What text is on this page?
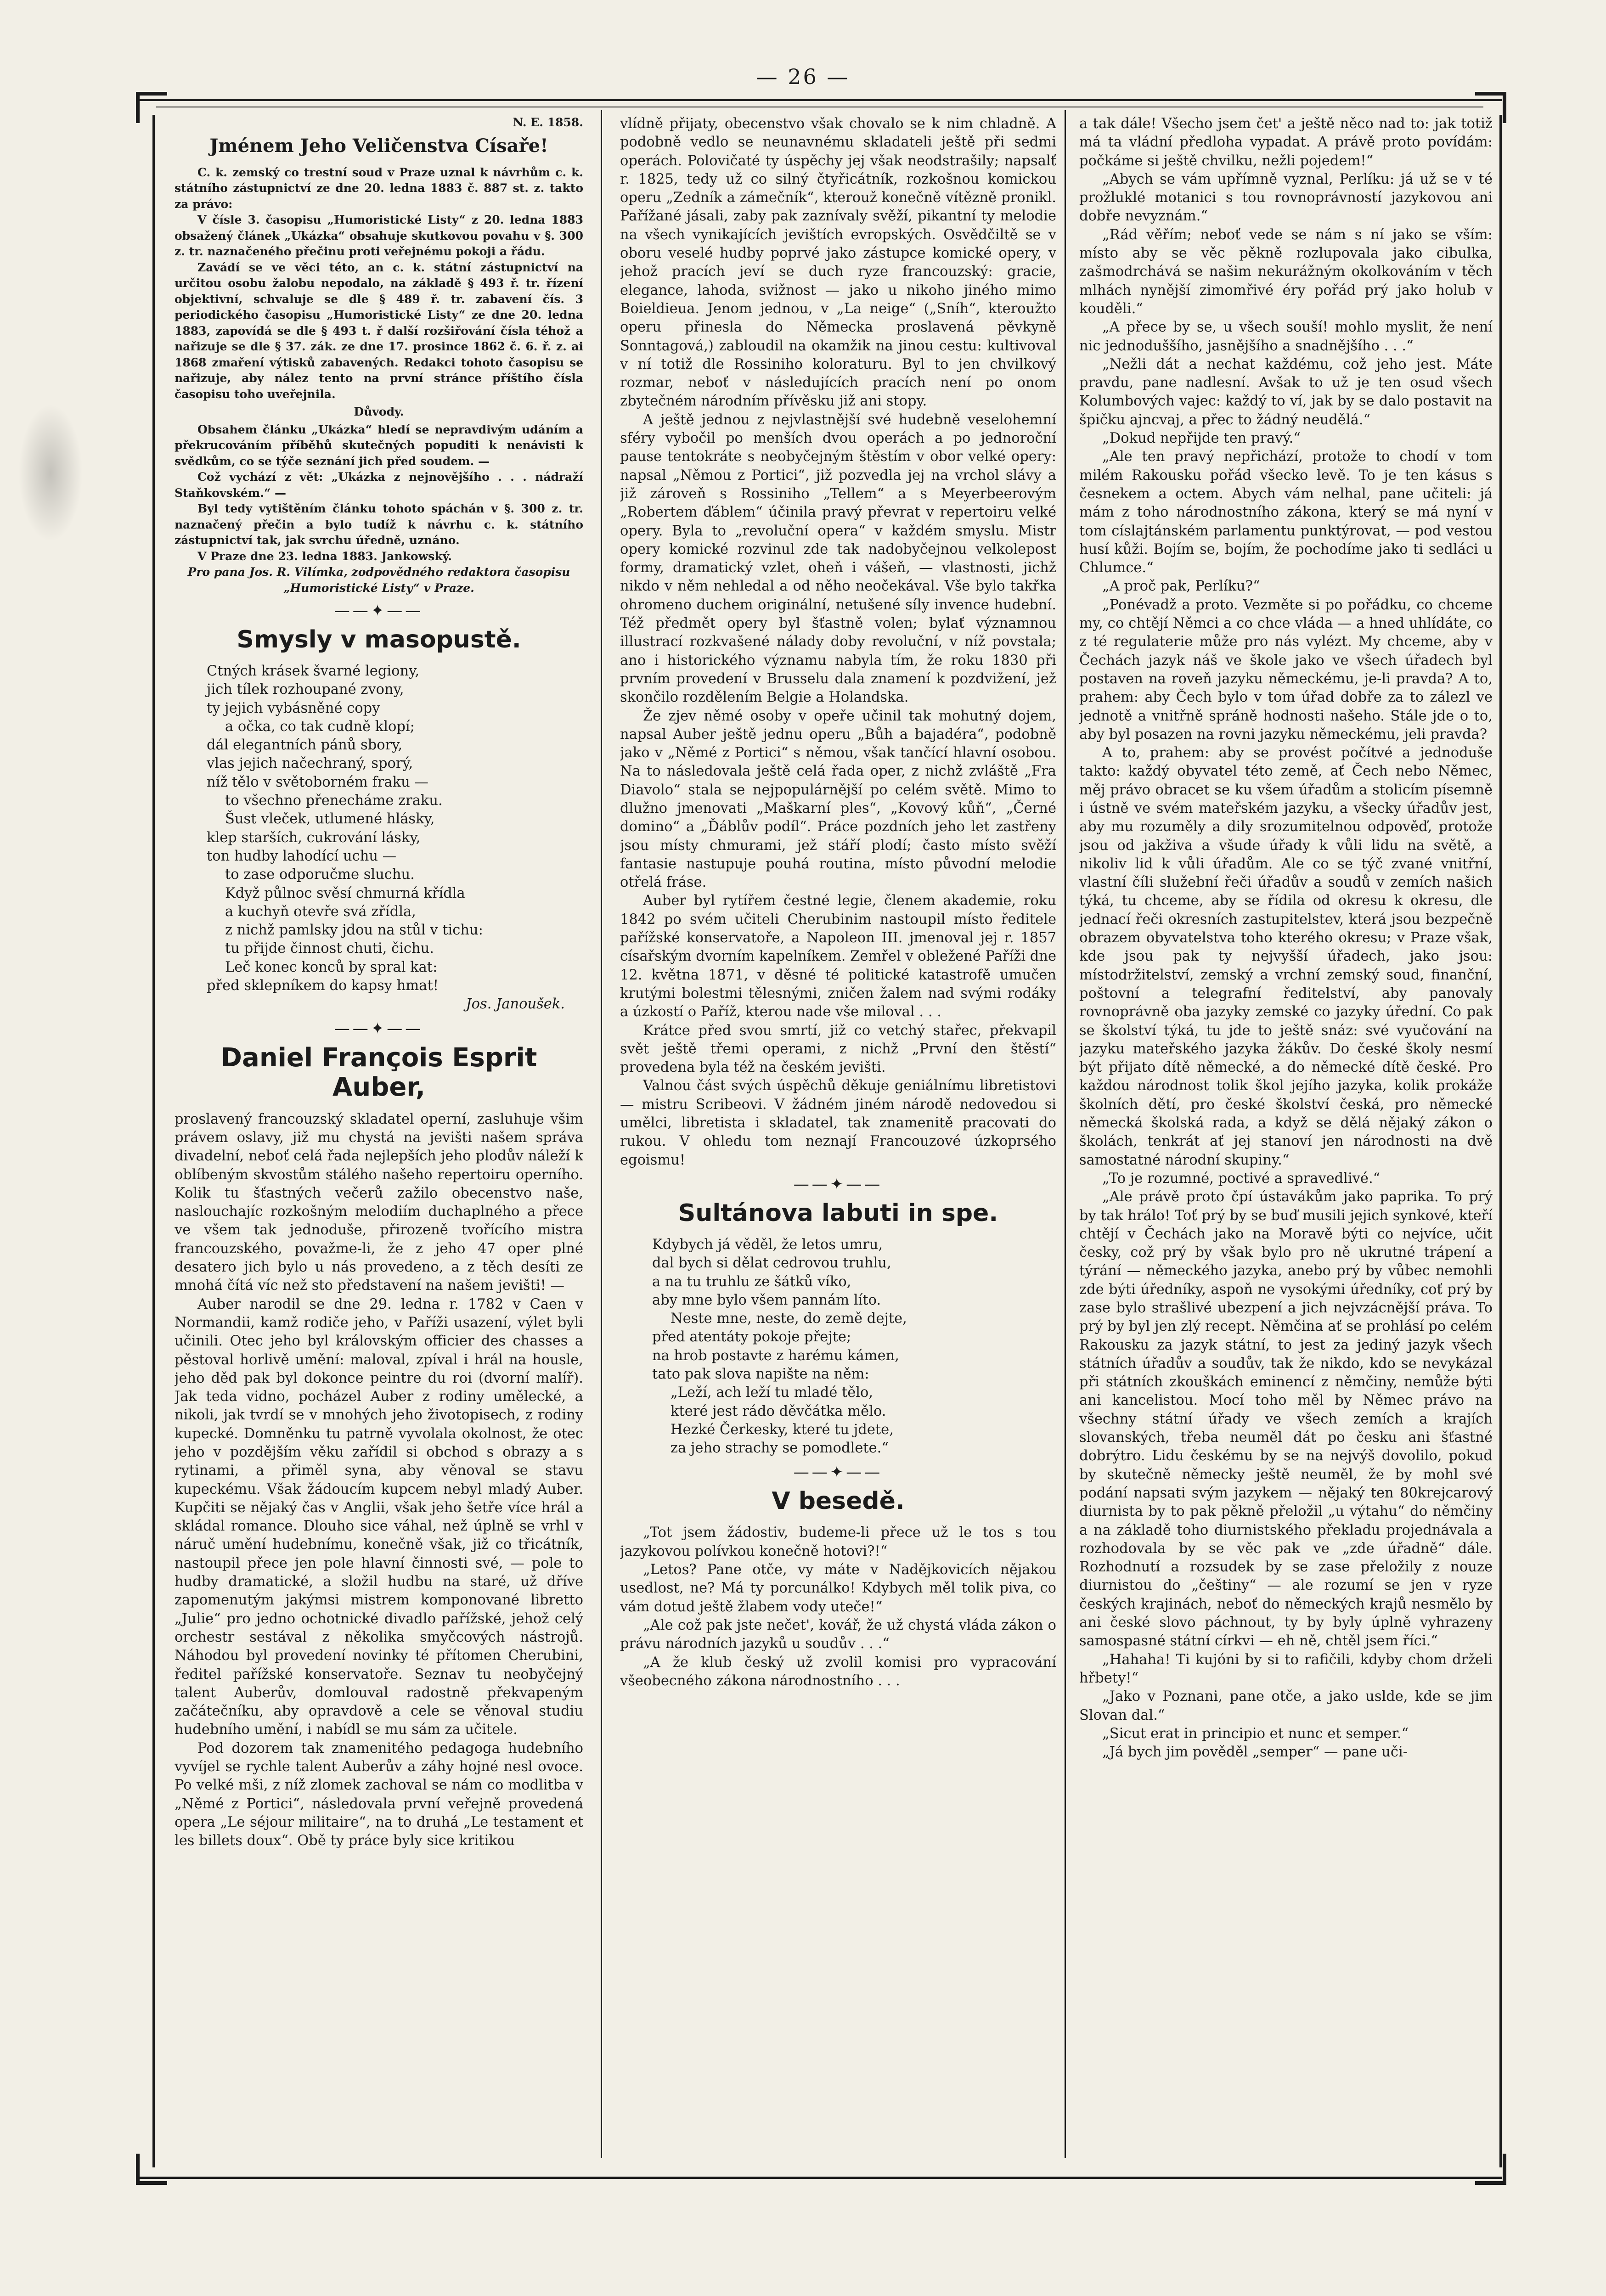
— 26 —
N. E. 1858.
Jménem Jeho Veličenstva Císaře!

C. k. zemský co trestní soud v Praze uznal k návrhům c. k. státního zástupnictví ze dne 20. ledna 1883 č. 887 st. z. takto za právo:

V čísle 3. časopisu „Humoristické Listy“ z 20. ledna 1883 obsažený článek „Ukázka“ obsahuje skutkovou povahu v §. 300 z. tr. naznačeného přečinu proti veřejnému pokoji a řádu.

Zavádí se ve věci této, an c. k. státní zástupnictví na určitou osobu žalobu nepodalo, na základě § 493 ř. tr. řízení objektivní, schvaluje se dle § 489 ř. tr. zabavení čís. 3 periodického časopisu „Humoristické Listy“ ze dne 20. ledna 1883, zapovídá se dle § 493 t. ř další rozšiřování čísla téhož a nařizuje se dle § 37. zák. ze dne 17. prosince 1862 č. 6. ř. z. ai 1868 zmaření výtisků zabavených. Redakci tohoto časopisu se nařizuje, aby nález tento na první stránce příštího čísla časopisu toho uveřejnila.

Důvody.

Obsahem článku „Ukázka“ hledí se nepravdivým udáním a překrucováním příběhů skutečných popuditi k nenávisti k svědkům, co se týče seznání jich před soudem. —

Což vychází z vět: „Ukázka z nejnovějšího . . . nádraží Staňkovském.“ —

Byl tedy vytištěním článku tohoto spáchán v §. 300 z. tr. naznačený přečin a bylo tudíž k návrhu c. k. státního zástupnictví tak, jak svrchu úředně, uznáno.

V Praze dne 23. ledna 1883. Jankowský.

Pro pana Jos. R. Vilímka, zodpovědného redaktora časopisu „Humoristické Listy“ v Praze.

——✦——
Smysly v masopustě.
Ctných krásek švarné legiony,
jich tílek rozhoupané zvony,
ty jejich vybásněné copy
a očka, co tak cudně klopí;
dál elegantních pánů sbory,
vlas jejich načechraný, sporý,
níž tělo v světoborném fraku —
to všechno přenecháme zraku.
Šust vleček, utlumené hlásky,
klep starších, cukrování lásky,
ton hudby lahodící uchu —
to zase odporučme sluchu.
Když půlnoc svěsí chmurná křídla
a kuchyň otevře svá zřídla,
z nichž pamlsky jdou na stůl v tichu:
tu přijde činnost chuti, čichu.
Leč konec konců by spral kat:
před sklepníkem do kapsy hmat!
Jos. Janoušek.
——✦——
Daniel François Esprit Auber,

proslavený francouzský skladatel operní, zasluhuje všim právem oslavy, již mu chystá na jevišti našem správa divadelní, neboť celá řada nejlepších jeho plodův náleží k oblíbeným skvostům stálého našeho repertoiru operního. Kolik tu šťastných večerů zažilo obecenstvo naše, naslouchajíc rozkošným melodiím duchaplného a přece ve všem tak jednoduše, přirozeně tvořícího mistra francouzského, považme-li, že z jeho 47 oper plné desatero jich bylo u nás provedeno, a z těch desíti ze mnohá čítá víc než sto představení na našem jevišti! —

Auber narodil se dne 29. ledna r. 1782 v Caen v Normandii, kamž rodiče jeho, v Paříži usazení, výlet byli učinili. Otec jeho byl královským officier des chasses a pěstoval horlivě umění: maloval, zpíval i hrál na housle, jeho děd pak byl dokonce peintre du roi (dvorní malíř). Jak teda vidno, pocházel Auber z rodiny umělecké, a nikoli, jak tvrdí se v mnohých jeho životopisech, z rodiny kupecké. Domněnku tu patrně vyvolala okolnost, že otec jeho v pozdějším věku zařídil si obchod s obrazy a s rytinami, a přiměl syna, aby věnoval se stavu kupeckému. Však žádoucím kupcem nebyl mladý Auber. Kupčiti se nějaký čas v Anglii, však jeho šetře více hrál a skládal romance. Dlouho sice váhal, než úplně se vrhl v náruč umění hudebnímu, konečně však, již co třicátník, nastoupil přece jen pole hlavní činnosti své, — pole to hudby dramatické, a složil hudbu na staré, už dříve zapomenutým jakýmsi mistrem komponované libretto „Julie“ pro jedno ochotnické divadlo pařížské, jehož celý orchestr sestával z několika smyčcových nástrojů. Náhodou byl provedení novinky té přítomen Cherubini, ředitel pařížské konservatoře. Seznav tu neobyčejný talent Auberův, domlouval radostně překvapeným začátečníku, aby opravdově a cele se věnoval studiu hudebního umění, i nabídl se mu sám za učitele.

Pod dozorem tak znamenitého pedagoga hudebního vyvíjel se rychle talent Auberův a záhy hojné nesl ovoce. Po velké mši, z níž zlomek zachoval se nám co modlitba v „Němé z Portici“, následovala první veřejně provedená opera „Le séjour militaire“, na to druhá „Le testament et les billets doux“. Obě ty práce byly sice kritikou

vlídně přijaty, obecenstvo však chovalo se k nim chladně. A podobně vedlo se neunavnému skladateli ještě při sedmi operách. Polovičaté ty úspěchy jej však neodstrašily; napsalť r. 1825, tedy už co silný čtyřicátník, rozkošnou komickou operu „Zedník a zámečník“, kterouž konečně vítězně pronikl. Pařížané jásali, zaby pak zaznívaly svěží, pikantní ty melodie na všech vynikajících jevištích evropských. Osvědčiltě se v oboru veselé hudby poprvé jako zástupce komické opery, v jehož pracích jeví se duch ryze francouzský: gracie, elegance, lahoda, svižnost — jako u nikoho jiného mimo Boieldieua. Jenom jednou, v „La neige“ („Sníh“, kteroužto operu přinesla do Německa proslavená pěvkyně Sonntagová,) zabloudil na okamžik na jinou cestu: kultivoval v ní totiž dle Rossiniho koloraturu. Byl to jen chvilkový rozmar, neboť v následujících pracích není po onom zbytečném národním přívěsku již ani stopy.

A ještě jednou z nejvlastnější své hudebně veselohemní sféry vybočil po menších dvou operách a po jednoroční pause tentokráte s neobyčejným štěstím v obor velké opery: napsal „Němou z Portici“, již pozvedla jej na vrchol slávy a již zároveň s Rossiniho „Tellem“ a s Meyerbeerovým „Robertem ďáblem“ účinila pravý převrat v repertoiru velké opery. Byla to „revoluční opera“ v každém smyslu. Mistr opery komické rozvinul zde tak nadobyčejnou velkolepost formy, dramatický vzlet, oheň i vášeň, — vlastnosti, jichž nikdo v něm nehledal a od něho neočekával. Vše bylo takřka ohromeno duchem originální, netušené síly invence hudební. Též předmět opery byl šťastně volen; bylať významnou illustrací rozkvašené nálady doby revoluční, v níž povstala; ano i historického významu nabyla tím, že roku 1830 při prvním provedení v Brusselu dala znamení k pozdvižení, jež skončilo rozdělením Belgie a Holandska.

Že zjev němé osoby v opeře učinil tak mohutný dojem, napsal Auber ještě jednu operu „Bůh a bajadéra“, podobně jako v „Němé z Portici“ s němou, však tančící hlavní osobou. Na to následovala ještě celá řada oper, z nichž zvláště „Fra Diavolo“ stala se nejpopulárnější po celém světě. Mimo to dlužno jmenovati „Maškarní ples“, „Kovový kůň“, „Černé domino“ a „Ďáblův podíl“. Práce pozdních jeho let zastřeny jsou místy chmurami, jež stáří plodí; často místo svěží fantasie nastupuje pouhá routina, místo původní melodie otřelá fráse.

Auber byl rytířem čestné legie, členem akademie, roku 1842 po svém učiteli Cherubinim nastoupil místo ředitele pařížské konservatoře, a Napoleon III. jmenoval jej r. 1857 císařským dvorním kapelníkem. Zemřel v obležené Paříži dne 12. května 1871, v děsné té politické katastrofě umučen krutými bolestmi tělesnými, zničen žalem nad svými rodáky a úzkostí o Paříž, kterou nade vše miloval . . .

Krátce před svou smrtí, již co vetchý stařec, překvapil svět ještě třemi operami, z nichž „První den štěstí“ provedena byla též na českém jevišti.

Valnou část svých úspěchů děkuje geniálnímu libretistovi — mistru Scribeovi. V žádném jiném národě nedovedou si umělci, libretista i skladatel, tak znamenitě pracovati do rukou. V ohledu tom neznají Francouzové úzkoprsého egoismu!

——✦——
Sultánova labuti in spe.
Kdybych já věděl, že letos umru,
dal bych si dělat cedrovou truhlu,
a na tu truhlu ze šátků víko,
aby mne bylo všem pannám líto.
Neste mne, neste, do země dejte,
před atentáty pokoje přejte;
na hrob postavte z harému kámen,
tato pak slova napište na něm:
„Leží, ach leží tu mladé tělo,
které jest rádo děvčátka mělo.
Hezké Čerkesky, které tu jdete,
za jeho strachy se pomodlete.“
——✦——
V besedě.

„Tot jsem žádostiv, budeme-li přece už le tos s tou jazykovou polívkou konečně hotovi?!“

„Letos? Pane otče, vy máte v Nadějkovicích nějakou usedlost, ne? Má ty porcunálko! Kdybych měl tolik piva, co vám dotud ještě žlabem vody uteče!“

„Ale což pak jste nečet', kovář, že už chystá vláda zákon o právu národních jazyků u soudův . . .“

„A že klub český už zvolil komisi pro vypracování všeobecného zákona národnostního . . .

a tak dále! Všecho jsem čet' a ještě něco nad to: jak totiž má ta vládní předloha vypadat. A právě proto povídám: počkáme si ještě chvilku, nežli pojedem!“

„Abych se vám upřímně vyznal, Perlíku: já už se v té prožluklé motanici s tou rovnoprávností jazykovou ani dobře nevyznám.“

„Rád věřím; neboť vede se nám s ní jako se vším: místo aby se věc pěkně rozlupovala jako cibulka, zašmodrchává se našim nekurážným okolkováním v těch mlhách nynější zimomřivé éry pořád prý jako holub v kouděli.“

„A přece by se, u všech souší! mohlo myslit, že není nic jednoduššího, jasnějšího a snadnějšího . . .“

„Nežli dát a nechat každému, což jeho jest. Máte pravdu, pane nadlesní. Avšak to už je ten osud všech Kolumbových vajec: každý to ví, jak by se dalo postavit na špičku ajncvaj, a přec to žádný neudělá.“

„Dokud nepřijde ten pravý.“

„Ale ten pravý nepřichází, protože to chodí v tom milém Rakousku pořád všecko levě. To je ten kásus s česnekem a octem. Abych vám nelhal, pane učiteli: já mám z toho národnostního zákona, který se má nyní v tom císlajtánském parlamentu punktýrovat, — pod vestou husí kůži. Bojím se, bojím, že pochodíme jako ti sedláci u Chlumce.“

„A proč pak, Perlíku?“

„Ponévadž a proto. Vezměte si po pořádku, co chceme my, co chtějí Němci a co chce vláda — a hned uhlídáte, co z té regulaterie může pro nás vylézt. My chceme, aby v Čechách jazyk náš ve škole jako ve všech úřadech byl postaven na roveň jazyku německému, je-li pravda? A to, prahem: aby Čech bylo v tom úřad dobře za to zálezl ve jednotě a vnitřně spráně hodnosti našeho. Stále jde o to, aby byl posazen na rovni jazyku německému, jeli pravda?

A to, prahem: aby se provést počítvé a jednoduše takto: každý obyvatel této země, ať Čech nebo Němec, měj právo obracet se ku všem úřadům a stolicím písemně i ústně ve svém mateřském jazyku, a všecky úřadův jest, aby mu rozuměly a dily srozumitelnou odpověď, protože jsou od jakživa a všude úřady k vůli lidu na světě, a nikoliv lid k vůli úřadům. Ale co se týč zvané vnitřní, vlastní číli služební řeči úřadův a soudů v zemích našich týká, tu chceme, aby se řídila od okresu k okresu, dle jednací řeči okresních zastupitelstev, která jsou bezpečně obrazem obyvatelstva toho kterého okresu; v Praze však, kde jsou pak ty nejvyšší úřadech, jako jsou: místodržitelství, zemský a vrchní zemský soud, finanční, poštovní a telegrafní ředitelství, aby panovaly rovnoprávně oba jazyky zemské co jazyky úřední. Co pak se školství týká, tu jde to ještě snáz: své vyučování na jazyku mateřského jazyka žákův. Do české školy nesmí být přijato dítě německé, a do německé dítě české. Pro každou národnost tolik škol jejího jazyka, kolik prokáže školních dětí, pro české školství česká, pro německé německá školská rada, a když se dělá nějaký zákon o školách, tenkrát ať jej stanoví jen národnosti na dvě samostatné národní skupiny.“

„To je rozumné, poctivé a spravedlivé.“

„Ale právě proto čpí ústavákům jako paprika. To prý by tak hrálo! Toť prý by se buď musili jejich synkové, kteří chtějí v Čechách jako na Moravě býti co nejvíce, učit česky, což prý by však bylo pro ně ukrutné trápení a týrání — německého jazyka, anebo prý by vůbec nemohli zde býti úředníky, aspoň ne vysokými úředníky, coť prý by zase bylo strašlivé ubezpení a jich nejvzácnější práva. To prý by byl jen zlý recept. Němčina ať se prohlásí po celém Rakousku za jazyk státní, to jest za jediný jazyk všech státních úřadův a soudův, tak že nikdo, kdo se nevykázal při státních zkouškách eminencí z němčiny, nemůže býti ani kancelistou. Mocí toho měl by Němec právo na všechny státní úřady ve všech zemích a krajích slovanských, třeba neuměl dát po česku ani šťastné dobrýtro. Lidu českému by se na nejvýš dovolilo, pokud by skutečně německy ještě neuměl, že by mohl své podání napsati svým jazykem — nějaký ten 80krejcarový diurnista by to pak pěkně přeložil „u výtahu“ do němčiny a na základě toho diurnistského překladu projednávala a rozhodovala by se věc pak ve „zde úřadně“ dále. Rozhodnutí a rozsudek by se zase přeložily z nouze diurnistou do „češtiny“ — ale rozumí se jen v ryze českých krajinách, neboť do německých krajů nesmělo by ani české slovo páchnout, ty by byly úplně vyhrazeny samospasné státní církvi — eh ně, chtěl jsem říci.“

„Hahaha! Ti kujóni by si to rafičili, kdyby chom drželi hřbety!“

„Jako v Poznani, pane otče, a jako uslde, kde se jim Slovan dal.“

„Sicut erat in principio et nunc et semper.“

„Já bych jim pověděl „semper“ — pane uči-
